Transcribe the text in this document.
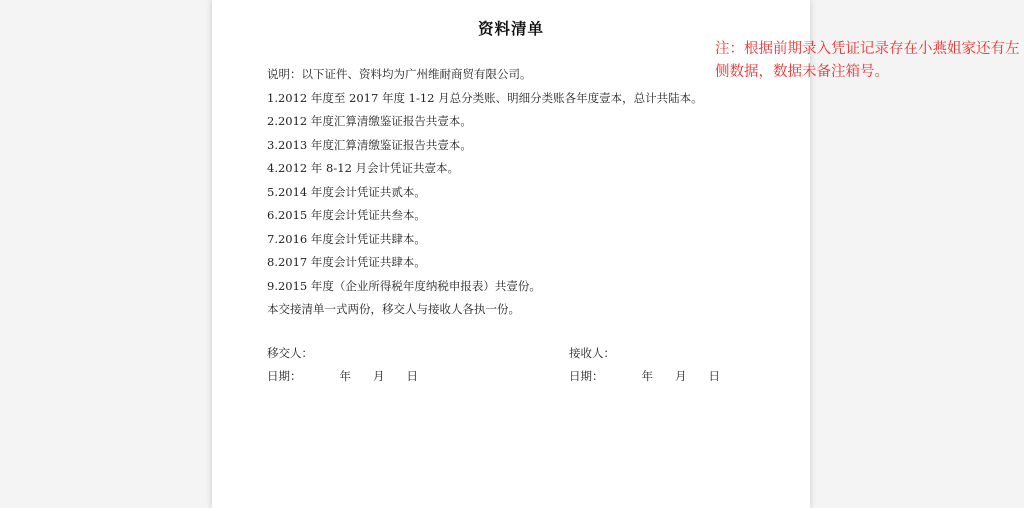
资料清单
说明：以下证件、资料均为广州维耐商贸有限公司。
1.2012 年度至 2017 年度 1-12 月总分类账、明细分类账各年度壹本，总计共陆本。
2.2012 年度汇算清缴鉴证报告共壹本。
3.2013 年度汇算清缴鉴证报告共壹本。
4.2012 年 8-12 月会计凭证共壹本。
5.2014 年度会计凭证共贰本。
6.2015 年度会计凭证共叁本。
7.2016 年度会计凭证共肆本。
8.2017 年度会计凭证共肆本。
9.2015 年度（企业所得税年度纳税申报表）共壹份。
本交接清单一式两份，移交人与接收人各执一份。
移交人：
日期：	年 月 日
接收人：
日期：	年 月 日
注：根据前期录入凭证记录存在小燕姐家还有左侧数据，数据未备注箱号。
